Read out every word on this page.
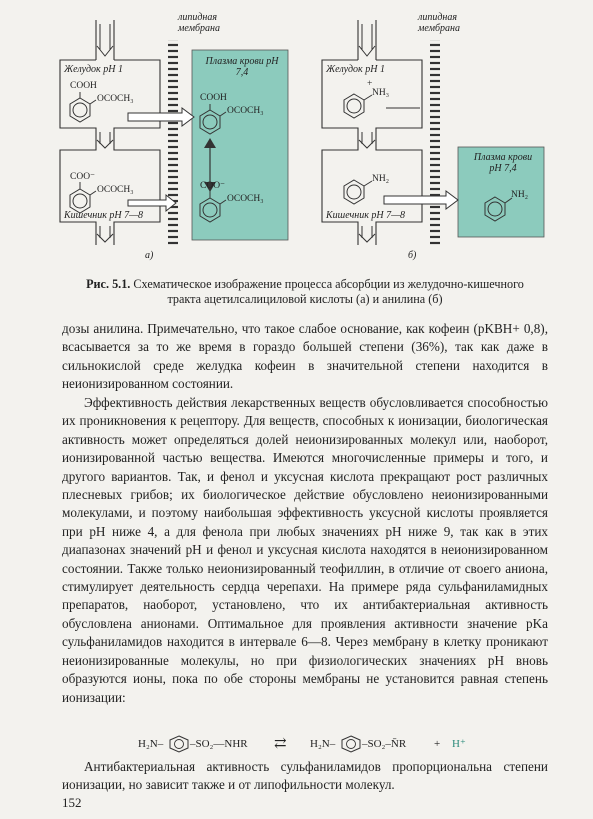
липидная мембрана
липидная мембрана
Желудок pH 1
Кишечник pH 7—8
Плазма крови pH 7,4	Желудок pH 1
Кишечник pH 7—8
Плазма крови pH 7,4
COOH
OCOCH₃
COO⁻
OCOCH₃
COOH
OCOCH₃
COO⁻
OCOCH₃
+
NH₃
NH₂
NH₂
а)	б)
Рис. 5.1. Схематическое изображение процесса абсорбции из желудочно-кишечного тракта ацетилсалициловой кислоты (а) и анилина (б)
дозы анилина. Примечательно, что такое слабое основание, как кофеин (pKBH+ 0,8), всасывается за то же время в гораздо большей степени (36%), так как даже в сильнокислой среде желудка кофеин в значительной степени находится в неионизированном состоянии.
Эффективность действия лекарственных веществ обусловливается способностью их проникновения к рецептору. Для веществ, способных к ионизации, биологическая активность может определяться долей неионизированных молекул или, наоборот, ионизированной частью вещества. Имеются многочисленные примеры и того, и другого вариантов. Так, и фенол и уксусная кислота прекращают рост различных плесневых грибов; их биологическое действие обусловлено неионизированными молекулами, и поэтому наибольшая эффективность уксусной кислоты проявляется при pH ниже 4, а для фенола при любых значениях pH ниже 9, так как в этих диапазонах значений pH и фенол и уксусная кислота находятся в неионизированном состоянии. Также только неионизированный теофиллин, в отличие от своего аниона, стимулирует деятельность сердца черепахи. На примере ряда сульфаниламидных препаратов, наоборот, установлено, что их антибактериальная активность обусловлена анионами. Оптимальное для проявления активности значение pKa сульфаниламидов находится в интервале 6—8. Через мембрану в клетку проникают неионизированные молекулы, но при физиологических значениях pH вновь образуются ионы, пока по обе стороны мембраны не установится равная степень ионизации:
H₂N– –SO₂—NHR ⇄ H₂N– –SO₂–N̄R	+ H⁺
Антибактериальная активность сульфаниламидов пропорциональна степени ионизации, но зависит также и от липофильности молекул.
152
